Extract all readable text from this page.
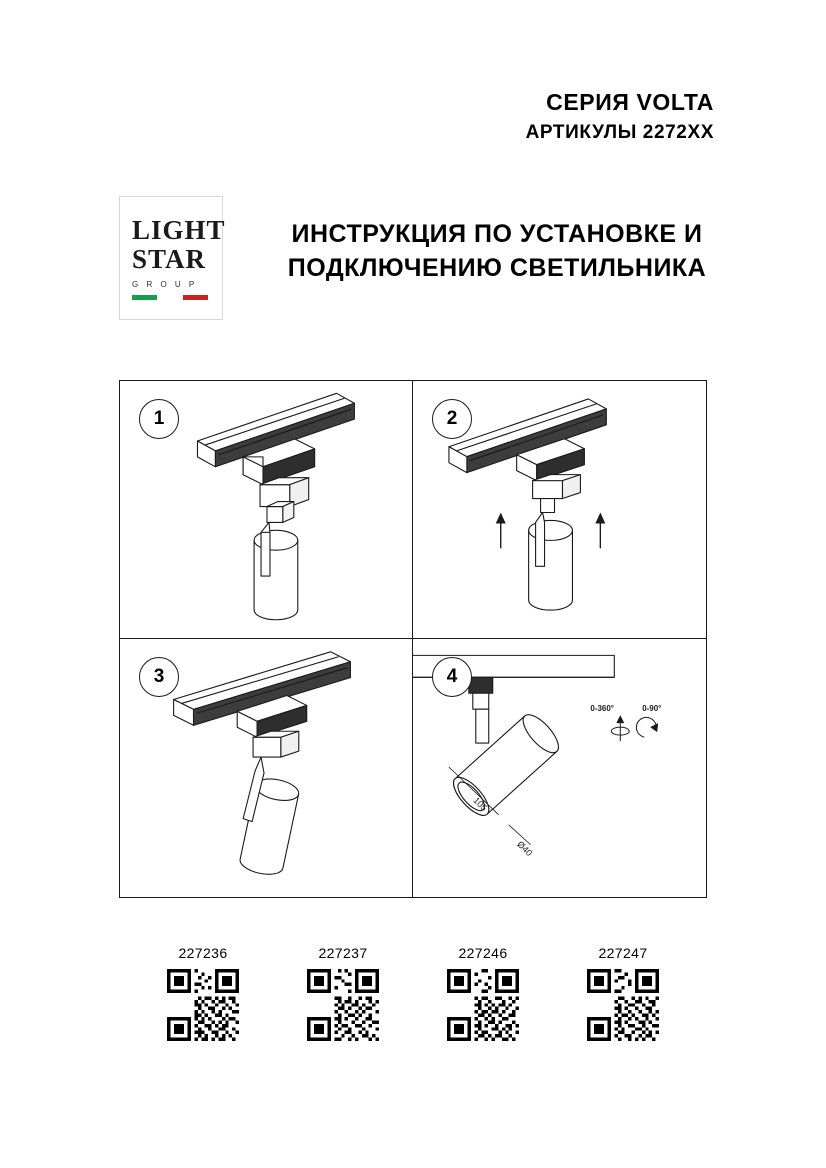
СЕРИЯ VOLTA
АРТИКУЛЫ 2272XX
LIGHT
STAR
G R O U P
ИНСТРУКЦИЯ ПО УСТАНОВКЕ И ПОДКЛЮЧЕНИЮ СВЕТИЛЬНИКА
1	2
3	4
105
Ø40
0-360°	0-90°
227236	227237	227246	227247
